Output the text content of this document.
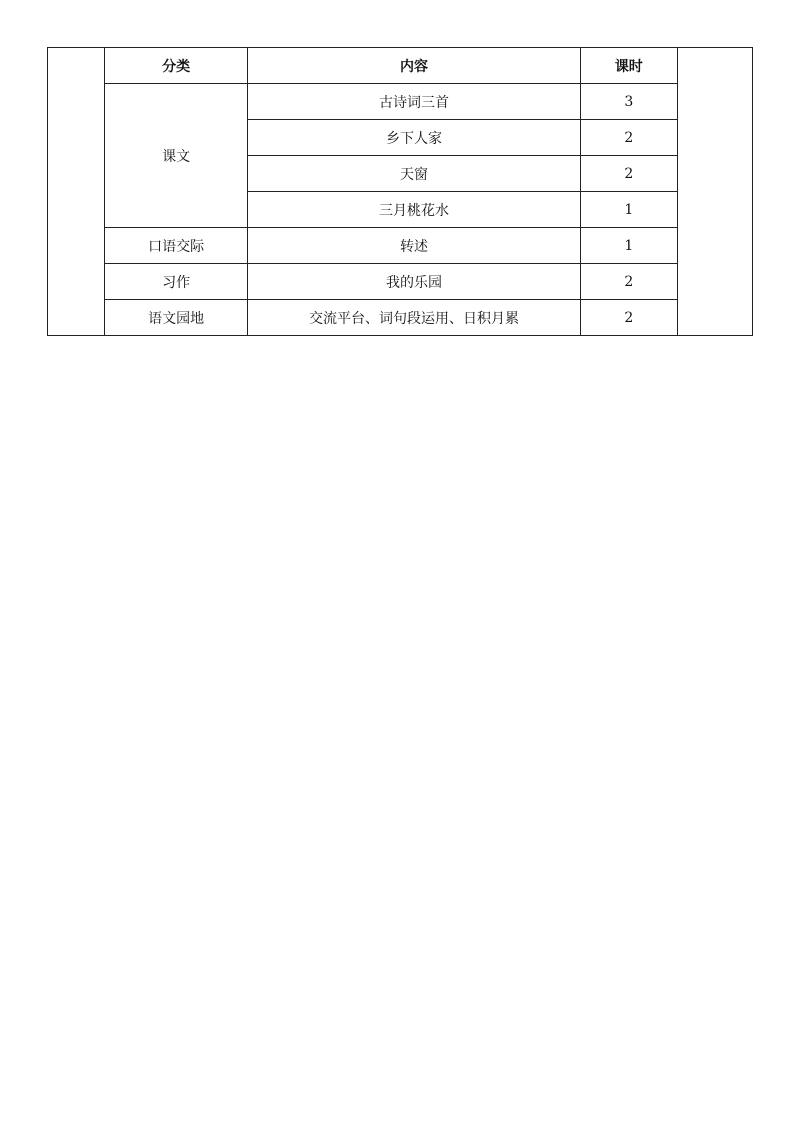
	分类	内容	课时	
	课文	古诗词三首	3	
		乡下人家	2	
		天窗	2	
		三月桃花水	1	
	口语交际	转述	1	
	习作	我的乐园	2	
	语文园地	交流平台、词句段运用、日积月累	2	
